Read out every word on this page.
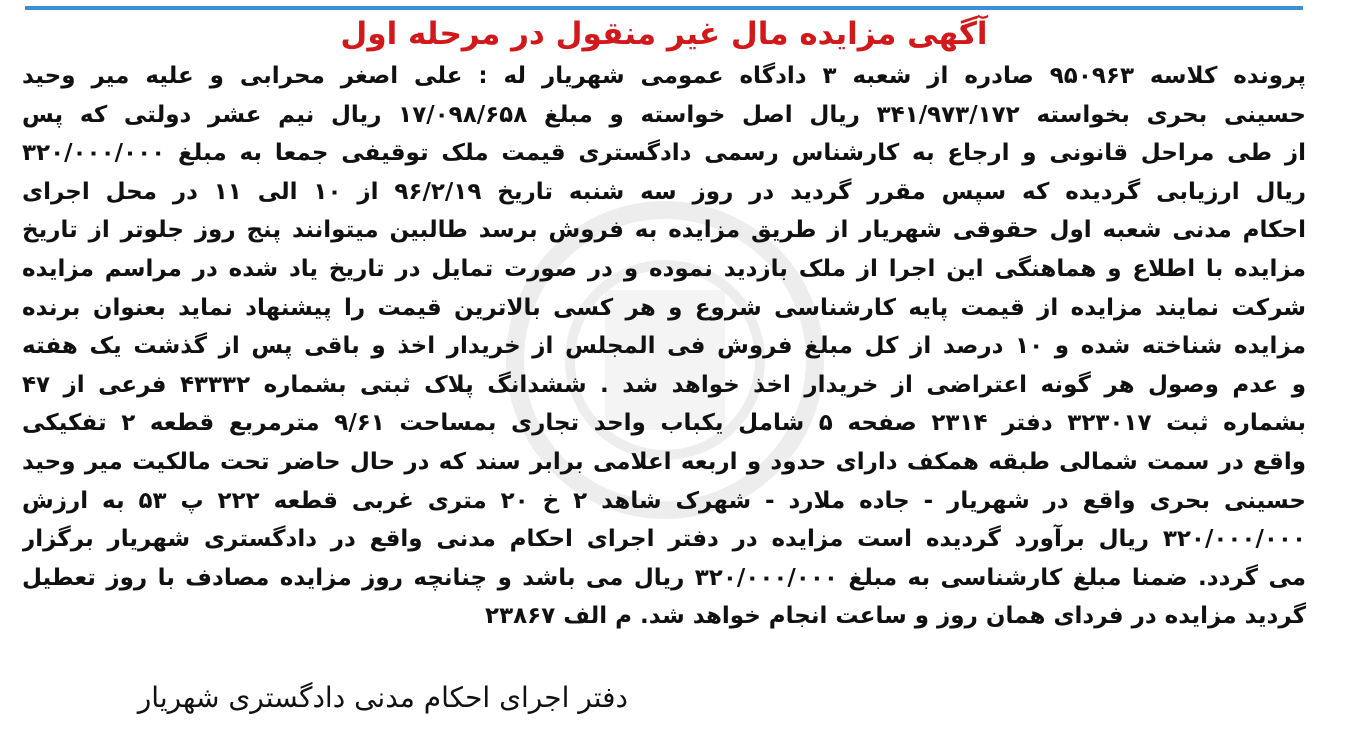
آگهی مزایده مال غیر منقول در مرحله اول
پرونده کلاسه ۹۵۰۹۶۳ صادره از شعبه ۳ دادگاه عمومی شهریار له : علی اصغر محرابی و علیه میر وحید
حسینی بحری بخواسته ۳۴۱/۹۷۳/۱۷۲ ریال اصل خواسته و مبلغ ۱۷/۰۹۸/۶۵۸ ریال نیم عشر دولتی که پس
از طی مراحل قانونی و ارجاع به کارشناس رسمی دادگستری قیمت ملک توقیفی جمعا به مبلغ ۳۲۰/۰۰۰/۰۰۰
ریال ارزیابی گردیده که سپس مقرر گردید در روز سه شنبه تاریخ ۹۶/۲/۱۹ از ۱۰ الی ۱۱ در محل اجرای
احکام مدنی شعبه اول حقوقی شهریار از طریق مزایده به فروش برسد طالبین میتوانند پنج روز جلوتر از تاریخ
مزایده با اطلاع و هماهنگی این اجرا از ملک بازدید نموده و در صورت تمایل در تاریخ یاد شده در مراسم مزایده
شرکت نمایند مزایده از قیمت پایه کارشناسی شروع و هر کسی بالاترین قیمت را پیشنهاد نماید بعنوان برنده
مزایده شناخته شده و ۱۰ درصد از کل مبلغ فروش فی المجلس از خریدار اخذ و باقی پس از گذشت یک هفته
و عدم وصول هر گونه اعتراضی از خریدار اخذ خواهد شد . ششدانگ پلاک ثبتی بشماره ۴۳۳۳۲ فرعی از ۴۷
بشماره ثبت ۳۲۳۰۱۷ دفتر ۲۳۱۴ صفحه ۵ شامل یکباب واحد تجاری بمساحت ۹/۶۱ مترمربع قطعه ۲ تفکیکی
واقع در سمت شمالی طبقه همکف دارای حدود و اربعه اعلامی برابر سند که در حال حاضر تحت مالکیت میر وحید
حسینی بحری واقع در شهریار - جاده ملارد - شهرک شاهد ۲ خ ۲۰ متری غربی قطعه ۲۲۲ پ ۵۳ به ارزش
۳۲۰/۰۰۰/۰۰۰ ریال برآورد گردیده است مزایده در دفتر اجرای احکام مدنی واقع در دادگستری شهریار برگزار
می گردد. ضمنا مبلغ کارشناسی به مبلغ ۳۲۰/۰۰۰/۰۰۰ ریال می باشد و چنانچه روز مزایده مصادف با روز تعطیل
گردید مزایده در فردای همان روز و ساعت انجام خواهد شد. م الف ۲۳۸۶۷
دفتر اجرای احکام مدنی دادگستری شهریار
